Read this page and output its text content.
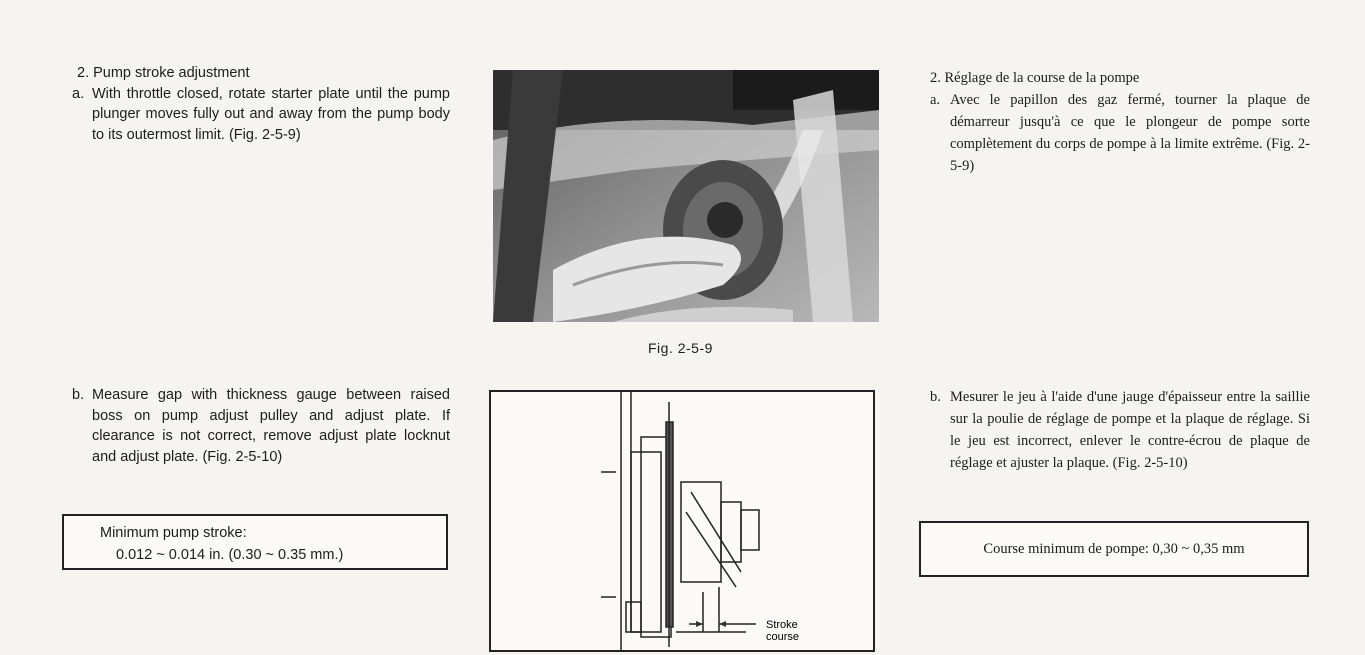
2. Pump stroke adjustment
a. With throttle closed, rotate starter plate until the pump plunger moves fully out and away from the pump body to its outermost limit. (Fig. 2-5-9)
b. Measure gap with thickness gauge between raised boss on pump adjust pulley and adjust plate. If clearance is not correct, remove adjust plate locknut and adjust plate. (Fig. 2-5-10)
Minimum pump stroke:
0.012 ~ 0.014 in. (0.30 ~ 0.35 mm.)
Fig. 2-5-9
Stroke
course
2. Réglage de la course de la pompe
a. Avec le papillon des gaz fermé, tourner la plaque de démarreur jusqu'à ce que le plongeur de pompe sorte complètement du corps de pompe à la limite extrême. (Fig. 2-5-9)
b. Mesurer le jeu à l'aide d'une jauge d'épaisseur entre la saillie sur la poulie de réglage de pompe et la plaque de réglage. Si le jeu est incorrect, enlever le contre-écrou de plaque de réglage et ajuster la plaque. (Fig. 2-5-10)
Course minimum de pompe: 0,30 ~ 0,35 mm
